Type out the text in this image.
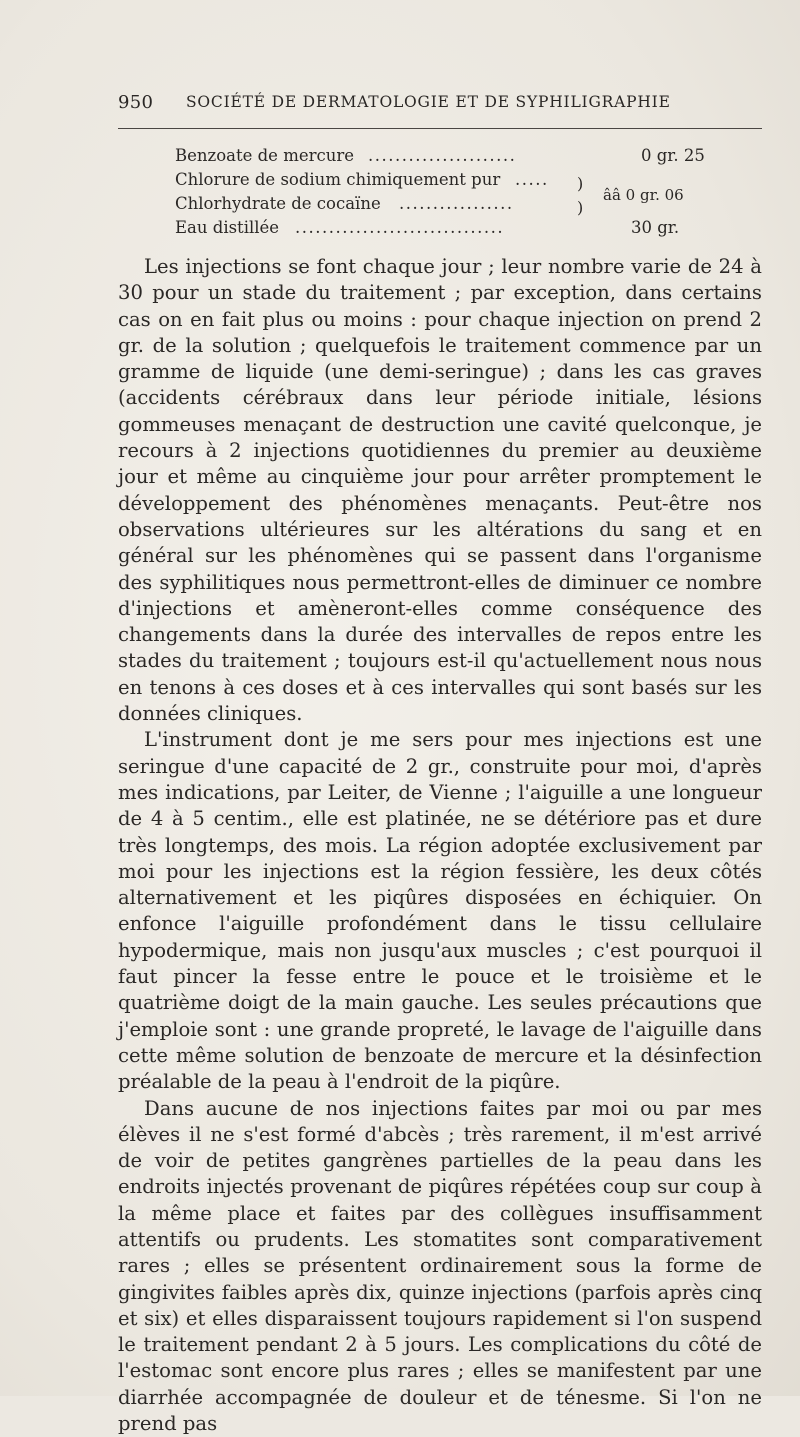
950 SOCIÉTÉ DE DERMATOLOGIE ET DE SYPHILIGRAPHIE
Benzoate de mercure ......................	0 gr. 25
Chlorure de sodium chimiquement pur .....
Chlorhydrate de cocaïne .................
Eau distillée ...............................	30 gr.
)
)
ââ 0 gr. 06

Les injections se font chaque jour ; leur nombre varie de 24 à 30 pour un stade du traitement ; par exception, dans certains cas on en fait plus ou moins : pour chaque injection on prend 2 gr. de la solution ; quelquefois le traitement commence par un gramme de liquide (une demi-seringue) ; dans les cas graves (accidents cérébraux dans leur période initiale, lésions gommeuses menaçant de destruction une cavité quelconque, je recours à 2 injections quotidiennes du premier au deuxième jour et même au cinquième jour pour arrêter promptement le développement des phénomènes menaçants. Peut-être nos observations ultérieures sur les altérations du sang et en général sur les phénomènes qui se passent dans l'organisme des syphilitiques nous permettront-elles de diminuer ce nombre d'injections et amèneront-elles comme conséquence des changements dans la durée des intervalles de repos entre les stades du traitement ; toujours est-il qu'actuellement nous nous en tenons à ces doses et à ces intervalles qui sont basés sur les données cliniques.

L'instrument dont je me sers pour mes injections est une seringue d'une capacité de 2 gr., construite pour moi, d'après mes indications, par Leiter, de Vienne ; l'aiguille a une longueur de 4 à 5 centim., elle est platinée, ne se détériore pas et dure très longtemps, des mois. La région adoptée exclusivement par moi pour les injections est la région fessière, les deux côtés alternativement et les piqûres disposées en échiquier. On enfonce l'aiguille profondément dans le tissu cellulaire hypodermique, mais non jusqu'aux muscles ; c'est pourquoi il faut pincer la fesse entre le pouce et le troisième et le quatrième doigt de la main gauche. Les seules précautions que j'emploie sont : une grande propreté, le lavage de l'aiguille dans cette même solution de benzoate de mercure et la désinfection préalable de la peau à l'endroit de la piqûre.

Dans aucune de nos injections faites par moi ou par mes élèves il ne s'est formé d'abcès ; très rarement, il m'est arrivé de voir de petites gangrènes partielles de la peau dans les endroits injectés provenant de piqûres répétées coup sur coup à la même place et faites par des collègues insuffisamment attentifs ou prudents. Les stomatites sont comparativement rares ; elles se présentent ordinairement sous la forme de gingivites faibles après dix, quinze injections (parfois après cinq et six) et elles disparaissent toujours rapidement si l'on suspend le traitement pendant 2 à 5 jours. Les complications du côté de l'estomac sont encore plus rares ; elles se manifestent par une diarrhée accompagnée de douleur et de ténesme. Si l'on ne prend pas
